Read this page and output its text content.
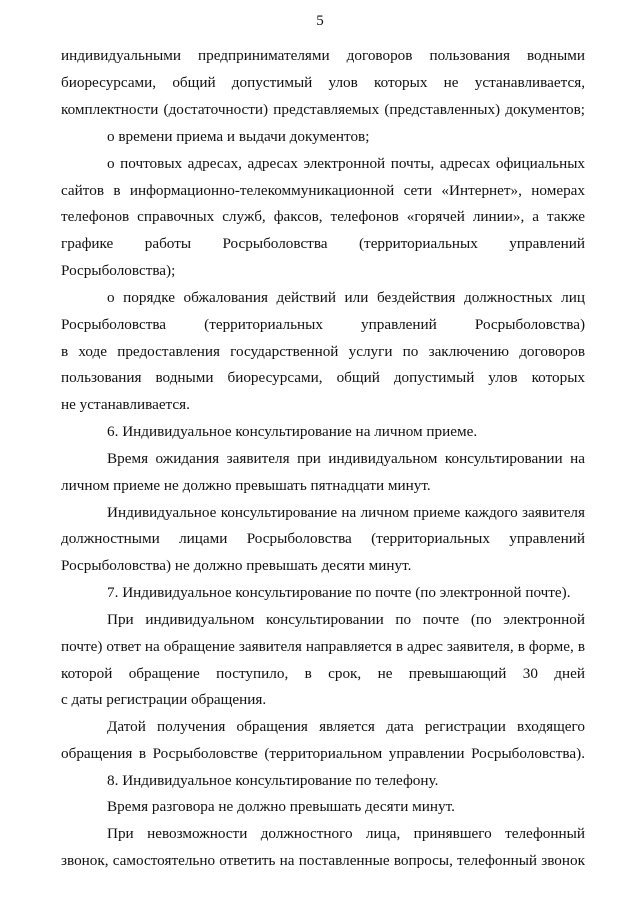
5
индивидуальными предпринимателями договоров пользования водными
биоресурсами, общий допустимый улов которых не устанавливается,
комплектности (достаточности) представляемых (представленных) документов;
о времени приема и выдачи документов;
о почтовых адресах, адресах электронной почты, адресах официальных
сайтов в информационно-телекоммуникационной сети «Интернет», номерах
телефонов справочных служб, факсов, телефонов «горячей линии», а также
графике работы Росрыболовства (территориальных управлений
Росрыболовства);
о порядке обжалования действий или бездействия должностных лиц
Росрыболовства (территориальных управлений Росрыболовства)
в ходе предоставления государственной услуги по заключению договоров
пользования водными биоресурсами, общий допустимый улов которых
не устанавливается.
6. Индивидуальное консультирование на личном приеме.
Время ожидания заявителя при индивидуальном консультировании на
личном приеме не должно превышать пятнадцати минут.
Индивидуальное консультирование на личном приеме каждого заявителя
должностными лицами Росрыболовства (территориальных управлений
Росрыболовства) не должно превышать десяти минут.
7. Индивидуальное консультирование по почте (по электронной почте).
При индивидуальном консультировании по почте (по электронной
почте) ответ на обращение заявителя направляется в адрес заявителя, в форме, в
которой обращение поступило, в срок, не превышающий 30 дней
с даты регистрации обращения.
Датой получения обращения является дата регистрации входящего
обращения в Росрыболовстве (территориальном управлении Росрыболовства).
8. Индивидуальное консультирование по телефону.
Время разговора не должно превышать десяти минут.
При невозможности должностного лица, принявшего телефонный
звонок, самостоятельно ответить на поставленные вопросы, телефонный звонок
